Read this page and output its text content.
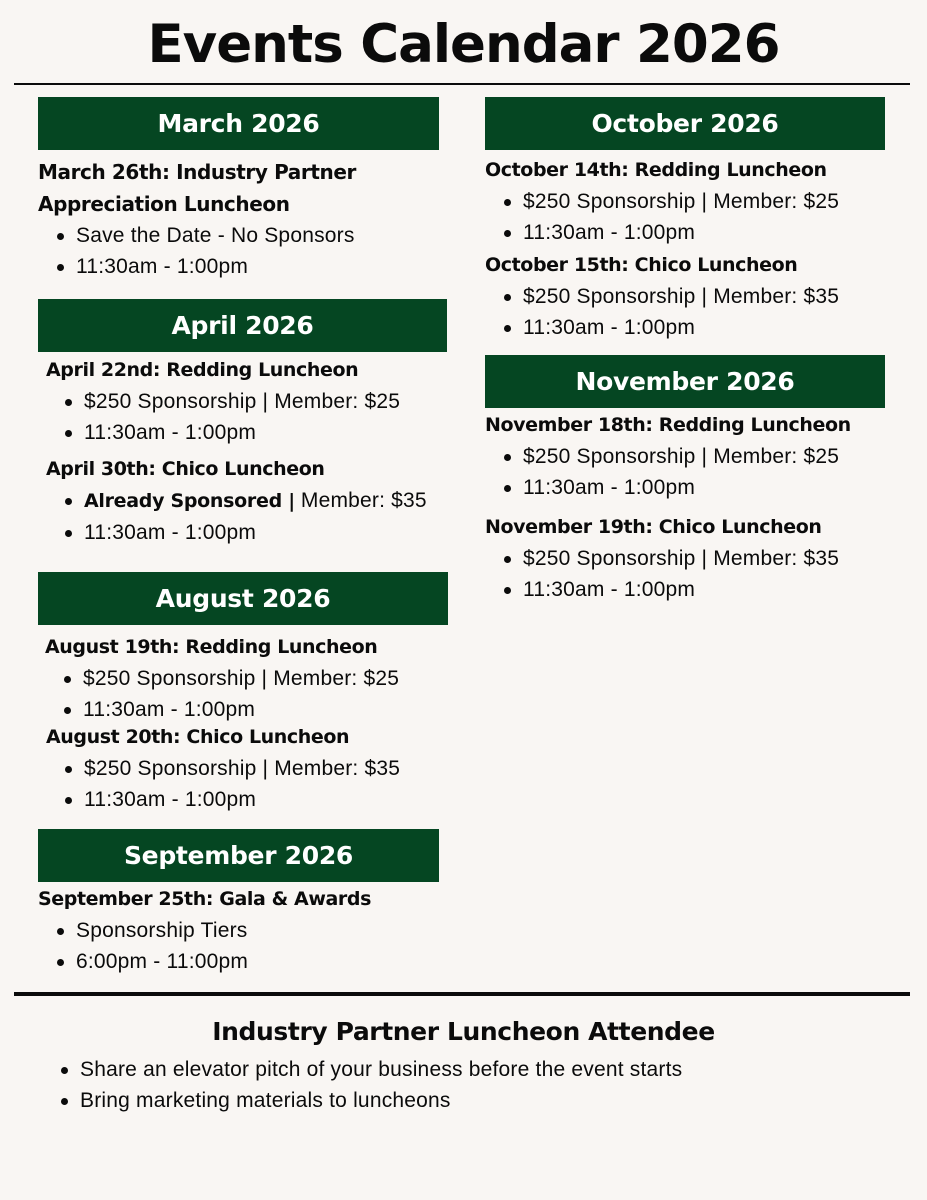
Events Calendar 2026
March 2026
March 26th: Industry Partner
Appreciation Luncheon
Save the Date - No Sponsors
11:30am - 1:00pm
April 2026
April 22nd: Redding Luncheon
$250 Sponsorship | Member: $25
11:30am - 1:00pm
April 30th: Chico Luncheon
Already Sponsored | Member: $35
11:30am - 1:00pm
August 2026
August 19th: Redding Luncheon
$250 Sponsorship | Member: $25
11:30am - 1:00pm
August 20th: Chico Luncheon
$250 Sponsorship | Member: $35
11:30am - 1:00pm
September 2026
September 25th: Gala & Awards
Sponsorship Tiers
6:00pm - 11:00pm
October 2026
October 14th: Redding Luncheon
$250 Sponsorship | Member: $25
11:30am - 1:00pm
October 15th: Chico Luncheon
$250 Sponsorship | Member: $35
11:30am - 1:00pm
November 2026
November 18th: Redding Luncheon
$250 Sponsorship | Member: $25
11:30am - 1:00pm
November 19th: Chico Luncheon
$250 Sponsorship | Member: $35
11:30am - 1:00pm
Industry Partner Luncheon Attendee
Share an elevator pitch of your business before the event starts
Bring marketing materials to luncheons
